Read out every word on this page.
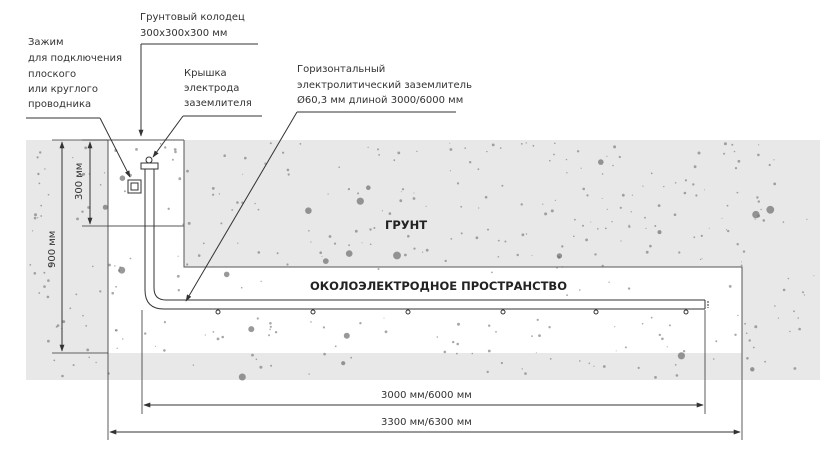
Грунтовый колодец
300х300х300 мм
Зажим
для подключения
плоского
или круглого
проводника
Крышка
электрода
заземлителя
Горизонтальный
электролитический заземлитель
Ø60,3 мм длиной 3000/6000 мм
ГРУНТ
ОКОЛОЭЛЕКТРОДНОЕ ПРОСТРАНСТВО
900 мм
300 мм
3000 мм/6000 мм
3300 мм/6300 мм
